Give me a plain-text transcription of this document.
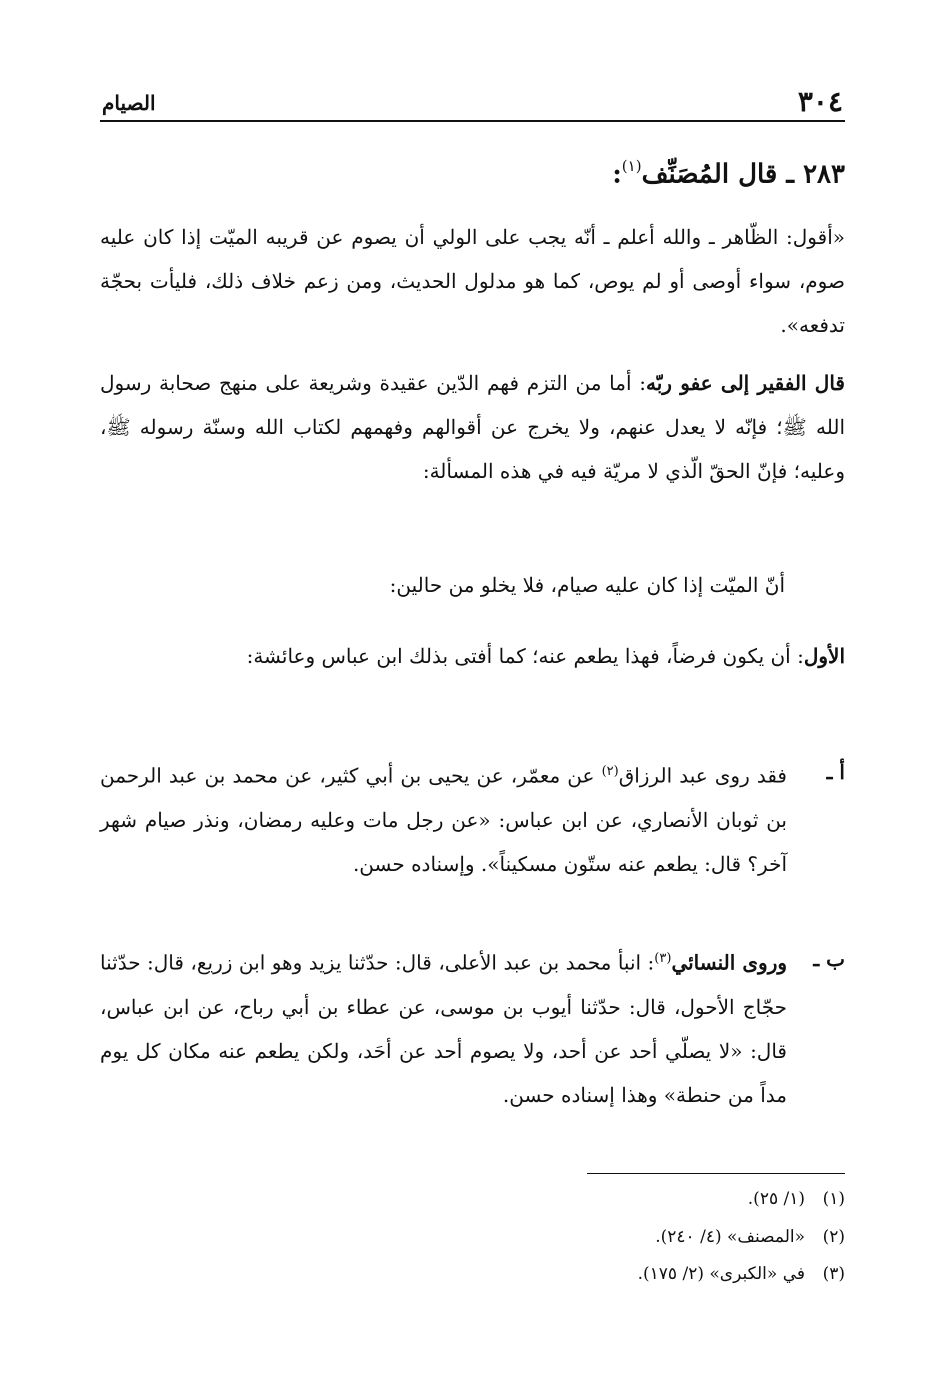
٣٠٤
الصيام
٢٨٣ ـ قال المُصَنِّف$^{(١)}$:

«أقول: الظّاهر ـ والله أعلم ـ أنّه يجب على الولي أن يصوم عن قريبه الميّت إذا كان عليه صوم، سواء أوصى أو لم يوص، كما هو مدلول الحديث، ومن زعم خلاف ذلك، فليأت بحجّة تدفعه».

قال الفقير إلى عفو ربّه: أما من التزم فهم الدّين عقيدة وشريعة على منهج صحابة رسول الله ﷺ؛ فإنّه لا يعدل عنهم، ولا يخرج عن أقوالهم وفهمهم لكتاب الله وسنّة رسوله ﷺ، وعليه؛ فإنّ الحقّ الّذي لا مريّة فيه في هذه المسألة:

أنّ الميّت إذا كان عليه صيام، فلا يخلو من حالين:

الأول: أن يكون فرضاً، فهذا يطعم عنه؛ كما أفتى بذلك ابن عباس وعائشة:

أ ـ
فقد روى عبد الرزاق$^{(٢)}$ عن معمّر، عن يحيى بن أبي كثير، عن محمد بن عبد الرحمن بن ثوبان الأنصاري، عن ابن عباس: «عن رجل مات وعليه رمضان، ونذر صيام شهر آخر؟ قال: يطعم عنه ستّون مسكيناً». وإسناده حسن.
ب ـ
وروى النسائي$^{(٣)}$: انبأ محمد بن عبد الأعلى، قال: حدّثنا يزيد وهو ابن زريع، قال: حدّثنا حجّاج الأحول، قال: حدّثنا أيوب بن موسى، عن عطاء بن أبي رباح، عن ابن عباس، قال: «لا يصلّي أحد عن أحد، ولا يصوم أحد عن أحَد، ولكن يطعم عنه مكان كل يوم مداً من حنطة» وهذا إسناده حسن.
(١)(١/ ٢٥).
(٢)«المصنف» (٤/ ٢٤٠).
(٣)في «الكبرى» (٢/ ١٧٥).
